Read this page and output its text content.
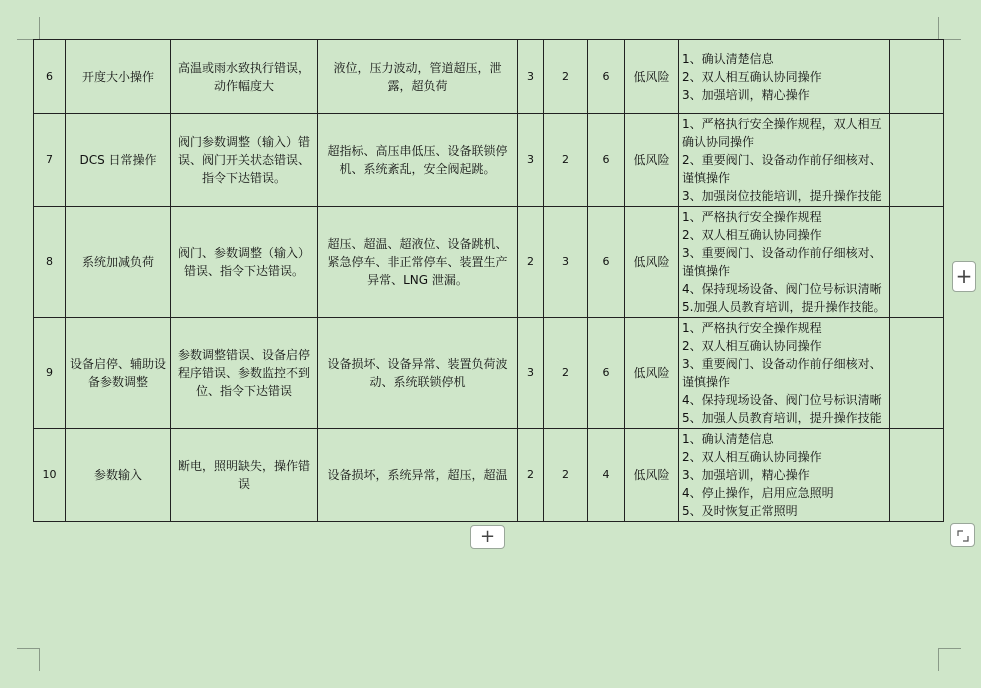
6	开度大小操作	高温或雨水致执行错误，动作幅度大	液位，压力波动，管道超压，泄露，超负荷	3	2	6	低风险	1、确认清楚信息
2、双人相互确认协同操作
3、加强培训，精心操作	

7	DCS 日常操作	阀门参数调整（输入）错误、阀门开关状态错误、指令下达错误。	超指标、高压串低压、设备联锁停机、系统紊乱，安全阀起跳。	3	2	6	低风险	1、严格执行安全操作规程，双人相互确认协同操作
2、重要阀门、设备动作前仔细核对、谨慎操作
3、加强岗位技能培训，提升操作技能	

8	系统加减负荷	阀门、参数调整（输入）错误、指令下达错误。	超压、超温、超液位、设备跳机、紧急停车、非正常停车、装置生产异常、LNG 泄漏。	2	3	6	低风险	1、严格执行安全操作规程
2、双人相互确认协同操作
3、重要阀门、设备动作前仔细核对、谨慎操作
4、保持现场设备、阀门位号标识清晰
5.加强人员教育培训，提升操作技能。	

9	设备启停、辅助设备参数调整	参数调整错误、设备启停程序错误、参数监控不到位、指令下达错误	设备损坏、设备异常、装置负荷波动、系统联锁停机	3	2	6	低风险	1、严格执行安全操作规程
2、双人相互确认协同操作
3、重要阀门、设备动作前仔细核对、谨慎操作
4、保持现场设备、阀门位号标识清晰
5、加强人员教育培训，提升操作技能	

10	参数输入	断电，照明缺失，操作错误	设备损坏，系统异常，超压，超温	2	2	4	低风险	1、确认清楚信息
2、双人相互确认协同操作
3、加强培训，精心操作
4、停止操作，启用应急照明
5、及时恢复正常照明	

+
+
